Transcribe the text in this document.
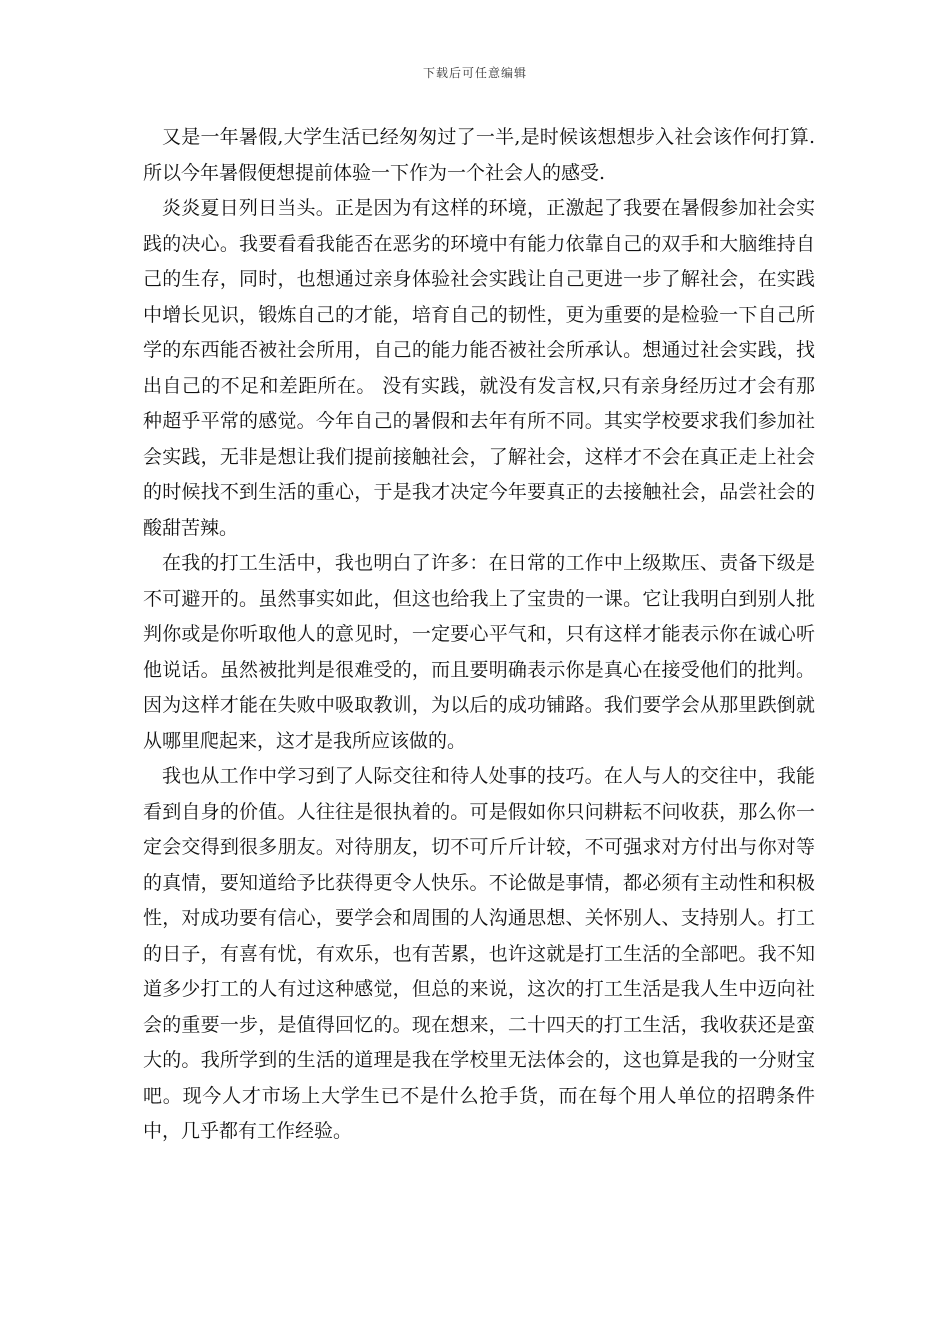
下载后可任意编辑

又是一年暑假,大学生活已经匆匆过了一半,是时候该想想步入社会该作何打算.所以今年暑假便想提前体验一下作为一个社会人的感受.

炎炎夏日列日当头。正是因为有这样的环境，正激起了我要在暑假参加社会实践的决心。我要看看我能否在恶劣的环境中有能力依靠自己的双手和大脑维持自己的生存，同时，也想通过亲身体验社会实践让自己更进一步了解社会，在实践中增长见识，锻炼自己的才能，培育自己的韧性，更为重要的是检验一下自己所学的东西能否被社会所用，自己的能力能否被社会所承认。想通过社会实践，找出自己的不足和差距所在。 没有实践，就没有发言权,只有亲身经历过才会有那种超乎平常的感觉。今年自己的暑假和去年有所不同。其实学校要求我们参加社会实践，无非是想让我们提前接触社会，了解社会，这样才不会在真正走上社会的时候找不到生活的重心，于是我才决定今年要真正的去接触社会，品尝社会的酸甜苦辣。

在我的打工生活中，我也明白了许多：在日常的工作中上级欺压、责备下级是不可避开的。虽然事实如此，但这也给我上了宝贵的一课。它让我明白到别人批判你或是你听取他人的意见时，一定要心平气和，只有这样才能表示你在诚心听他说话。虽然被批判是很难受的，而且要明确表示你是真心在接受他们的批判。因为这样才能在失败中吸取教训，为以后的成功铺路。我们要学会从那里跌倒就从哪里爬起来，这才是我所应该做的。

我也从工作中学习到了人际交往和待人处事的技巧。在人与人的交往中，我能看到自身的价值。人往往是很执着的。可是假如你只问耕耘不问收获，那么你一定会交得到很多朋友。对待朋友，切不可斤斤计较，不可强求对方付出与你对等的真情，要知道给予比获得更令人快乐。不论做是事情，都必须有主动性和积极性，对成功要有信心，要学会和周围的人沟通思想、关怀别人、支持别人。打工的日子，有喜有忧，有欢乐，也有苦累，也许这就是打工生活的全部吧。我不知道多少打工的人有过这种感觉，但总的来说，这次的打工生活是我人生中迈向社会的重要一步，是值得回忆的。现在想来，二十四天的打工生活，我收获还是蛮大的。我所学到的生活的道理是我在学校里无法体会的，这也算是我的一分财宝吧。现今人才市场上大学生已不是什么抢手货，而在每个用人单位的招聘条件中，几乎都有工作经验。
